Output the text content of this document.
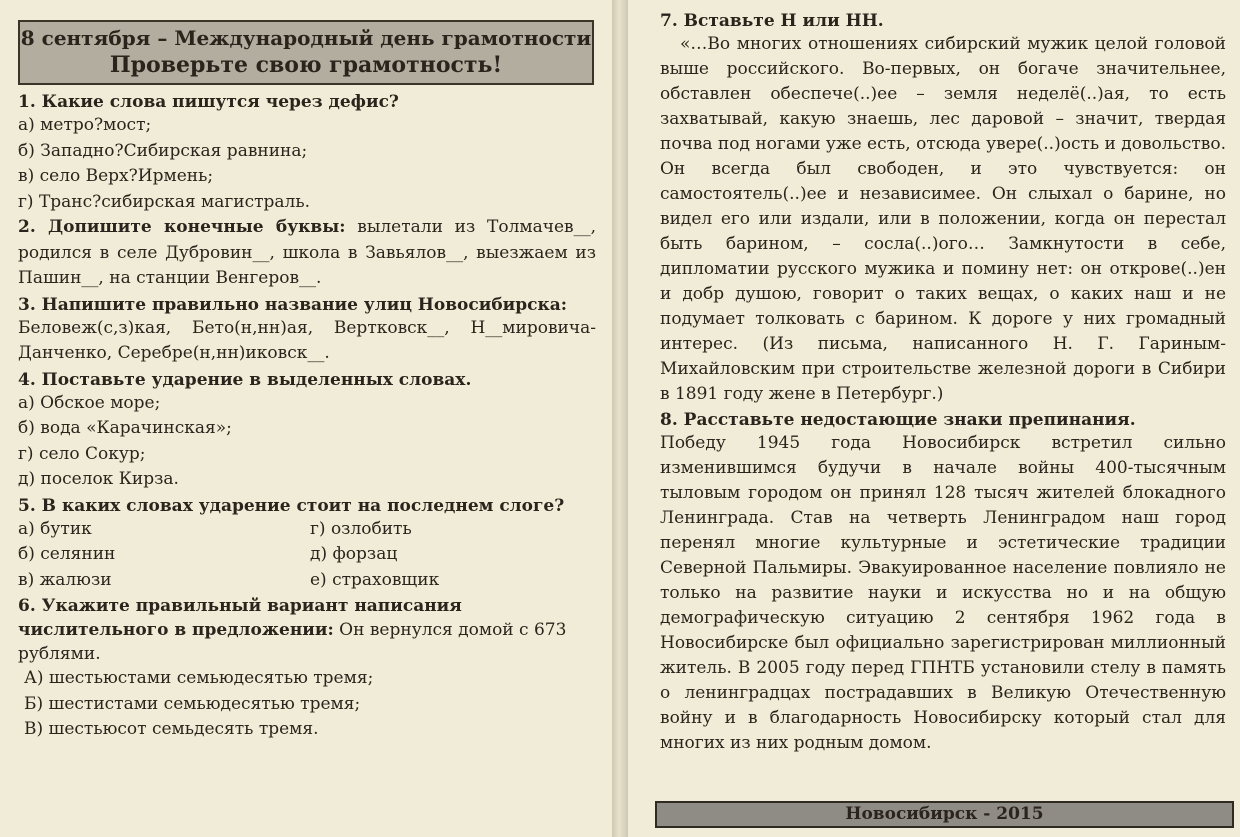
8 сентября – Международный день грамотности
Проверьте свою грамотность!
1. Какие слова пишутся через дефис?
а) метро?мост;
б) Западно?Сибирская равнина;
в) село Верх?Ирмень;
г) Транс?сибирская магистраль.
2. Допишите конечные буквы: вылетали из Толмачев__, родился в селе Дубровин__, школа в Завьялов__, выезжаем из Пашин__, на станции Венгеров__.
3. Напишите правильно название улиц Новосибирска:
Беловеж(с,з)кая, Бето(н,нн)ая, Вертковск__, Н__мировича-Данченко, Серебре(н,нн)иковск__.
4. Поставьте ударение в выделенных словах.
а) Обское море;
б) вода «Карачинская»;
г) село Сокур;
д) поселок Кирза.
5. В каких словах ударение стоит на последнем слоге?
а) бутик
б) селянин
в) жалюзи
г) озлобить
д) форзац
е) страховщик
6. Укажите правильный вариант написания числительного в предложении: Он вернулся домой с 673 рублями.
А) шестьюстами семьюдесятью тремя;
Б) шестистами семьюдесятью тремя;
В) шестьюсот семьдесять тремя.
7. Вставьте Н или НН.
«…Во многих отношениях сибирский мужик целой головой выше российского. Во-первых, он богаче значительнее, обставлен обеспече(..)ее – земля неделё(..)ая, то есть захватывай, какую знаешь, лес даровой – значит, твердая почва под ногами уже есть, отсюда увере(..)ость и довольство. Он всегда был свободен, и это чувствуется: он самостоятель(..)ее и независимее. Он слыхал о барине, но видел его или издали, или в положении, когда он перестал быть барином, – сосла(..)ого… Замкнутости в себе, дипломатии русского мужика и помину нет: он открове(..)ен и добр душою, говорит о таких вещах, о каких наш и не подумает толковать с барином. К дороге у них громадный интерес. (Из письма, написанного Н. Г. Гариным-Михайловским при строительстве железной дороги в Сибири в 1891 году жене в Петербург.)
8. Расставьте недостающие знаки препинания.
Победу 1945 года Новосибирск встретил сильно изменившимся будучи в начале войны 400-тысячным тыловым городом он принял 128 тысяч жителей блокадного Ленинграда. Став на четверть Ленинградом наш город перенял многие культурные и эстетические традиции Северной Пальмиры. Эвакуированное население повлияло не только на развитие науки и искусства но и на общую демографическую ситуацию 2 сентября 1962 года в Новосибирске был официально зарегистрирован миллионный житель. В 2005 году перед ГПНТБ установили стелу в память о ленинградцах пострадавших в Великую Отечественную войну и в благодарность Новосибирску который стал для многих из них родным домом.
Новосибирск - 2015
